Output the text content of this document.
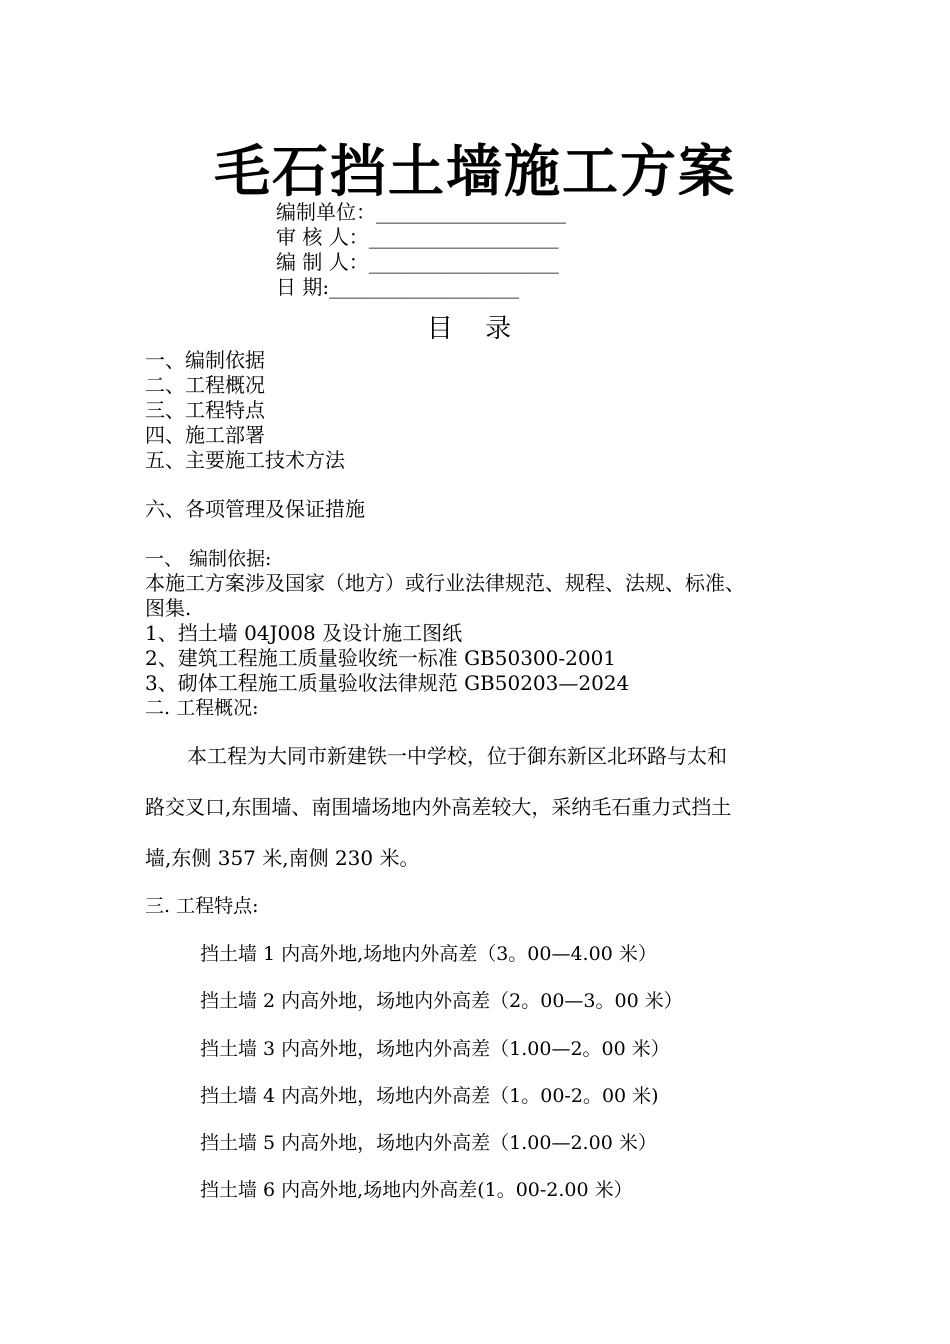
毛石挡土墙施工方案
编制单位：___________________
审 核 人：___________________
编 制 人：___________________
日 期:___________________
目 录
一、编制依据
二、工程概况
三、工程特点
四、施工部署
五、主要施工技术方法
六、各项管理及保证措施
一、 编制依据:
本施工方案涉及国家（地方）或行业法律规范、规程、法规、标准、
图集.
1、挡土墙 04J008 及设计施工图纸
2、建筑工程施工质量验收统一标准 GB50300-2001
3、砌体工程施工质量验收法律规范 GB50203—2024
二. 工程概况:
本工程为大同市新建铁一中学校，位于御东新区北环路与太和
路交叉口,东围墙、南围墙场地内外高差较大，采纳毛石重力式挡土
墙,东侧 357 米,南侧 230 米。
三. 工程特点:
挡土墙 1 内高外地,场地内外高差（3。00—4.00 米）
挡土墙 2 内高外地，场地内外高差（2。00—3。00 米）
挡土墙 3 内高外地，场地内外高差（1.00—2。00 米）
挡土墙 4 内高外地，场地内外高差（1。00-2。00 米)
挡土墙 5 内高外地，场地内外高差（1.00—2.00 米）
挡土墙 6 内高外地,场地内外高差(1。00-2.00 米）
